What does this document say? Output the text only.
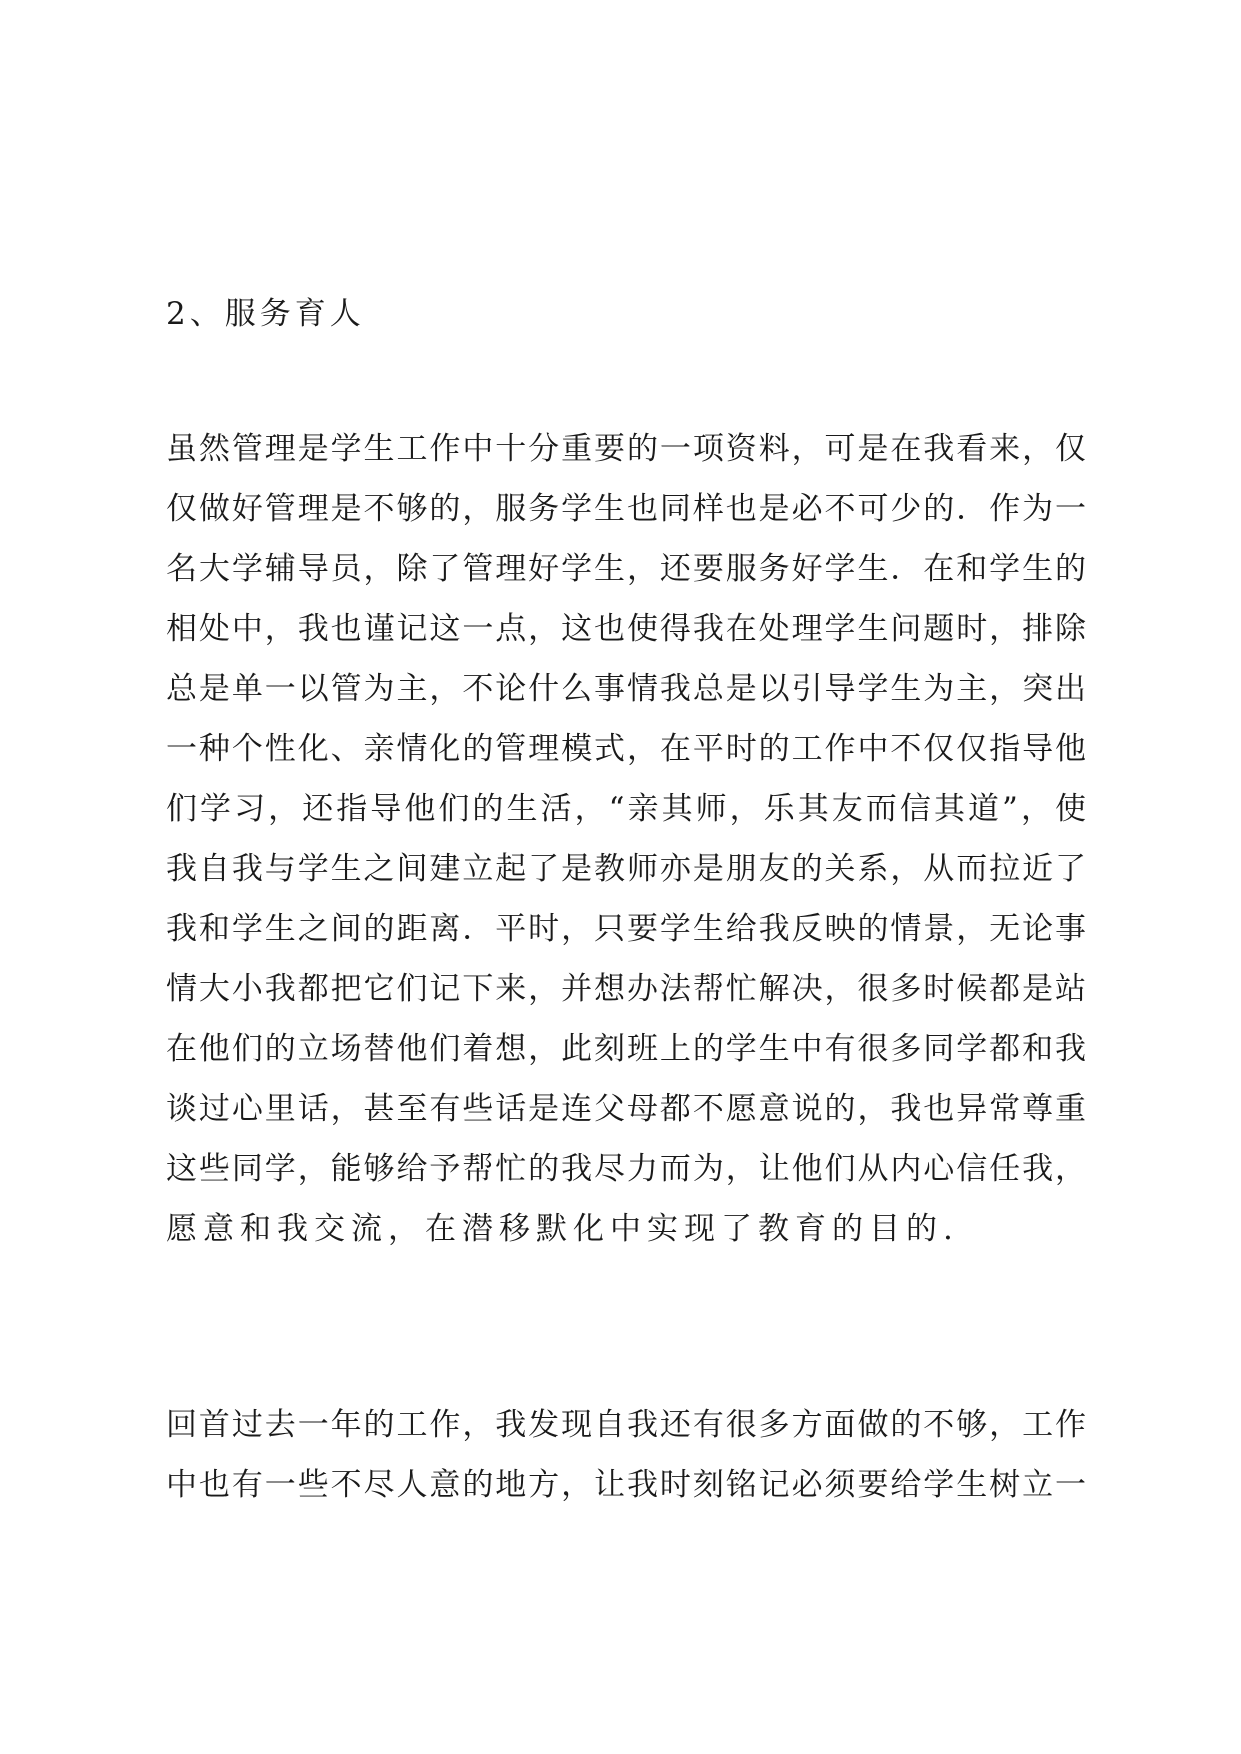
2、服务育人
虽然管理是学生工作中十分重要的一项资料，可是在我看来，仅
仅做好管理是不够的，服务学生也同样也是必不可少的．作为一
名大学辅导员，除了管理好学生，还要服务好学生．在和学生的
相处中，我也谨记这一点，这也使得我在处理学生问题时，排除
总是单一以管为主，不论什么事情我总是以引导学生为主，突出
一种个性化、亲情化的管理模式，在平时的工作中不仅仅指导他
们学习，还指导他们的生活，“亲其师，乐其友而信其道”，使
我自我与学生之间建立起了是教师亦是朋友的关系，从而拉近了
我和学生之间的距离．平时，只要学生给我反映的情景，无论事
情大小我都把它们记下来，并想办法帮忙解决，很多时候都是站
在他们的立场替他们着想，此刻班上的学生中有很多同学都和我
谈过心里话，甚至有些话是连父母都不愿意说的，我也异常尊重
这些同学，能够给予帮忙的我尽力而为，让他们从内心信任我，
愿意和我交流，在潜移默化中实现了教育的目的.
回首过去一年的工作，我发现自我还有很多方面做的不够，工作
中也有一些不尽人意的地方，让我时刻铭记必须要给学生树立一
